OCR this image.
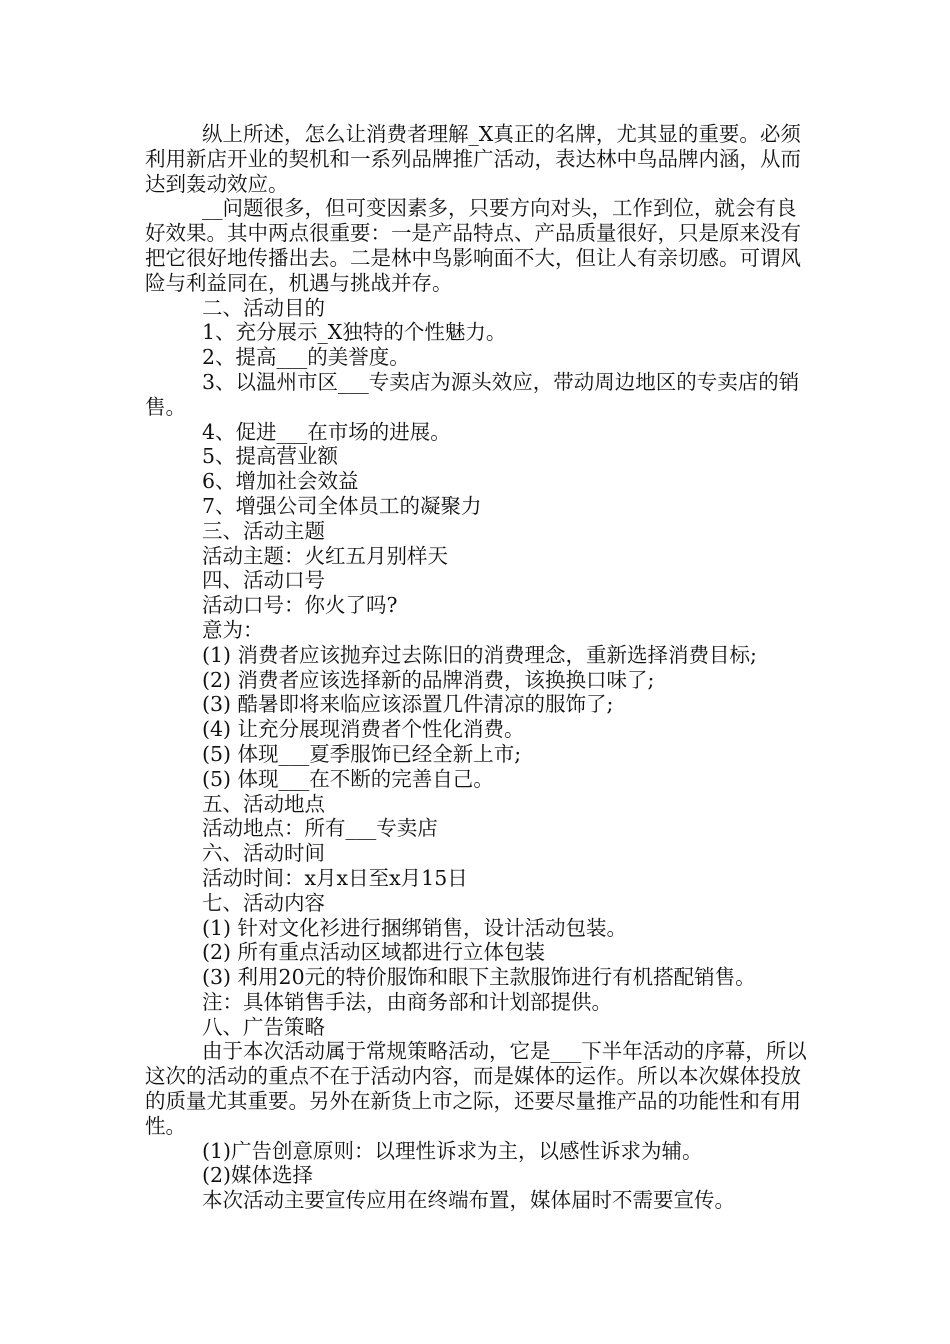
纵上所述，怎么让消费者理解_X真正的名牌，尤其显的重要。必须利用新店开业的契机和一系列品牌推广活动，表达林中鸟品牌内涵，从而达到轰动效应。

__问题很多，但可变因素多，只要方向对头，工作到位，就会有良好效果。其中两点很重要：一是产品特点、产品质量很好，只是原来没有把它很好地传播出去。二是林中鸟影响面不大，但让人有亲切感。可谓风险与利益同在，机遇与挑战并存。

二、活动目的

1、充分展示_X独特的个性魅力。

2、提高___的美誉度。

3、以温州市区___专卖店为源头效应，带动周边地区的专卖店的销售。

4、促进___在市场的进展。

5、提高营业额

6、增加社会效益

7、增强公司全体员工的凝聚力

三、活动主题

活动主题：火红五月别样天

四、活动口号

活动口号：你火了吗?

意为：

(1) 消费者应该抛弃过去陈旧的消费理念，重新选择消费目标;

(2) 消费者应该选择新的品牌消费，该换换口味了;

(3) 酷暑即将来临应该添置几件清凉的服饰了;

(4) 让充分展现消费者个性化消费。

(5) 体现___夏季服饰已经全新上市;

(5) 体现___在不断的完善自己。

五、活动地点

活动地点：所有___专卖店

六、活动时间

活动时间：x月x日至x月15日

七、活动内容

(1) 针对文化衫进行捆绑销售，设计活动包装。

(2) 所有重点活动区域都进行立体包装

(3) 利用20元的特价服饰和眼下主款服饰进行有机搭配销售。

注：具体销售手法，由商务部和计划部提供。

八、广告策略

由于本次活动属于常规策略活动，它是___下半年活动的序幕，所以这次的活动的重点不在于活动内容，而是媒体的运作。所以本次媒体投放的质量尤其重要。另外在新货上市之际，还要尽量推产品的功能性和有用性。

(1)广告创意原则：以理性诉求为主，以感性诉求为辅。

(2)媒体选择

本次活动主要宣传应用在终端布置，媒体届时不需要宣传。
